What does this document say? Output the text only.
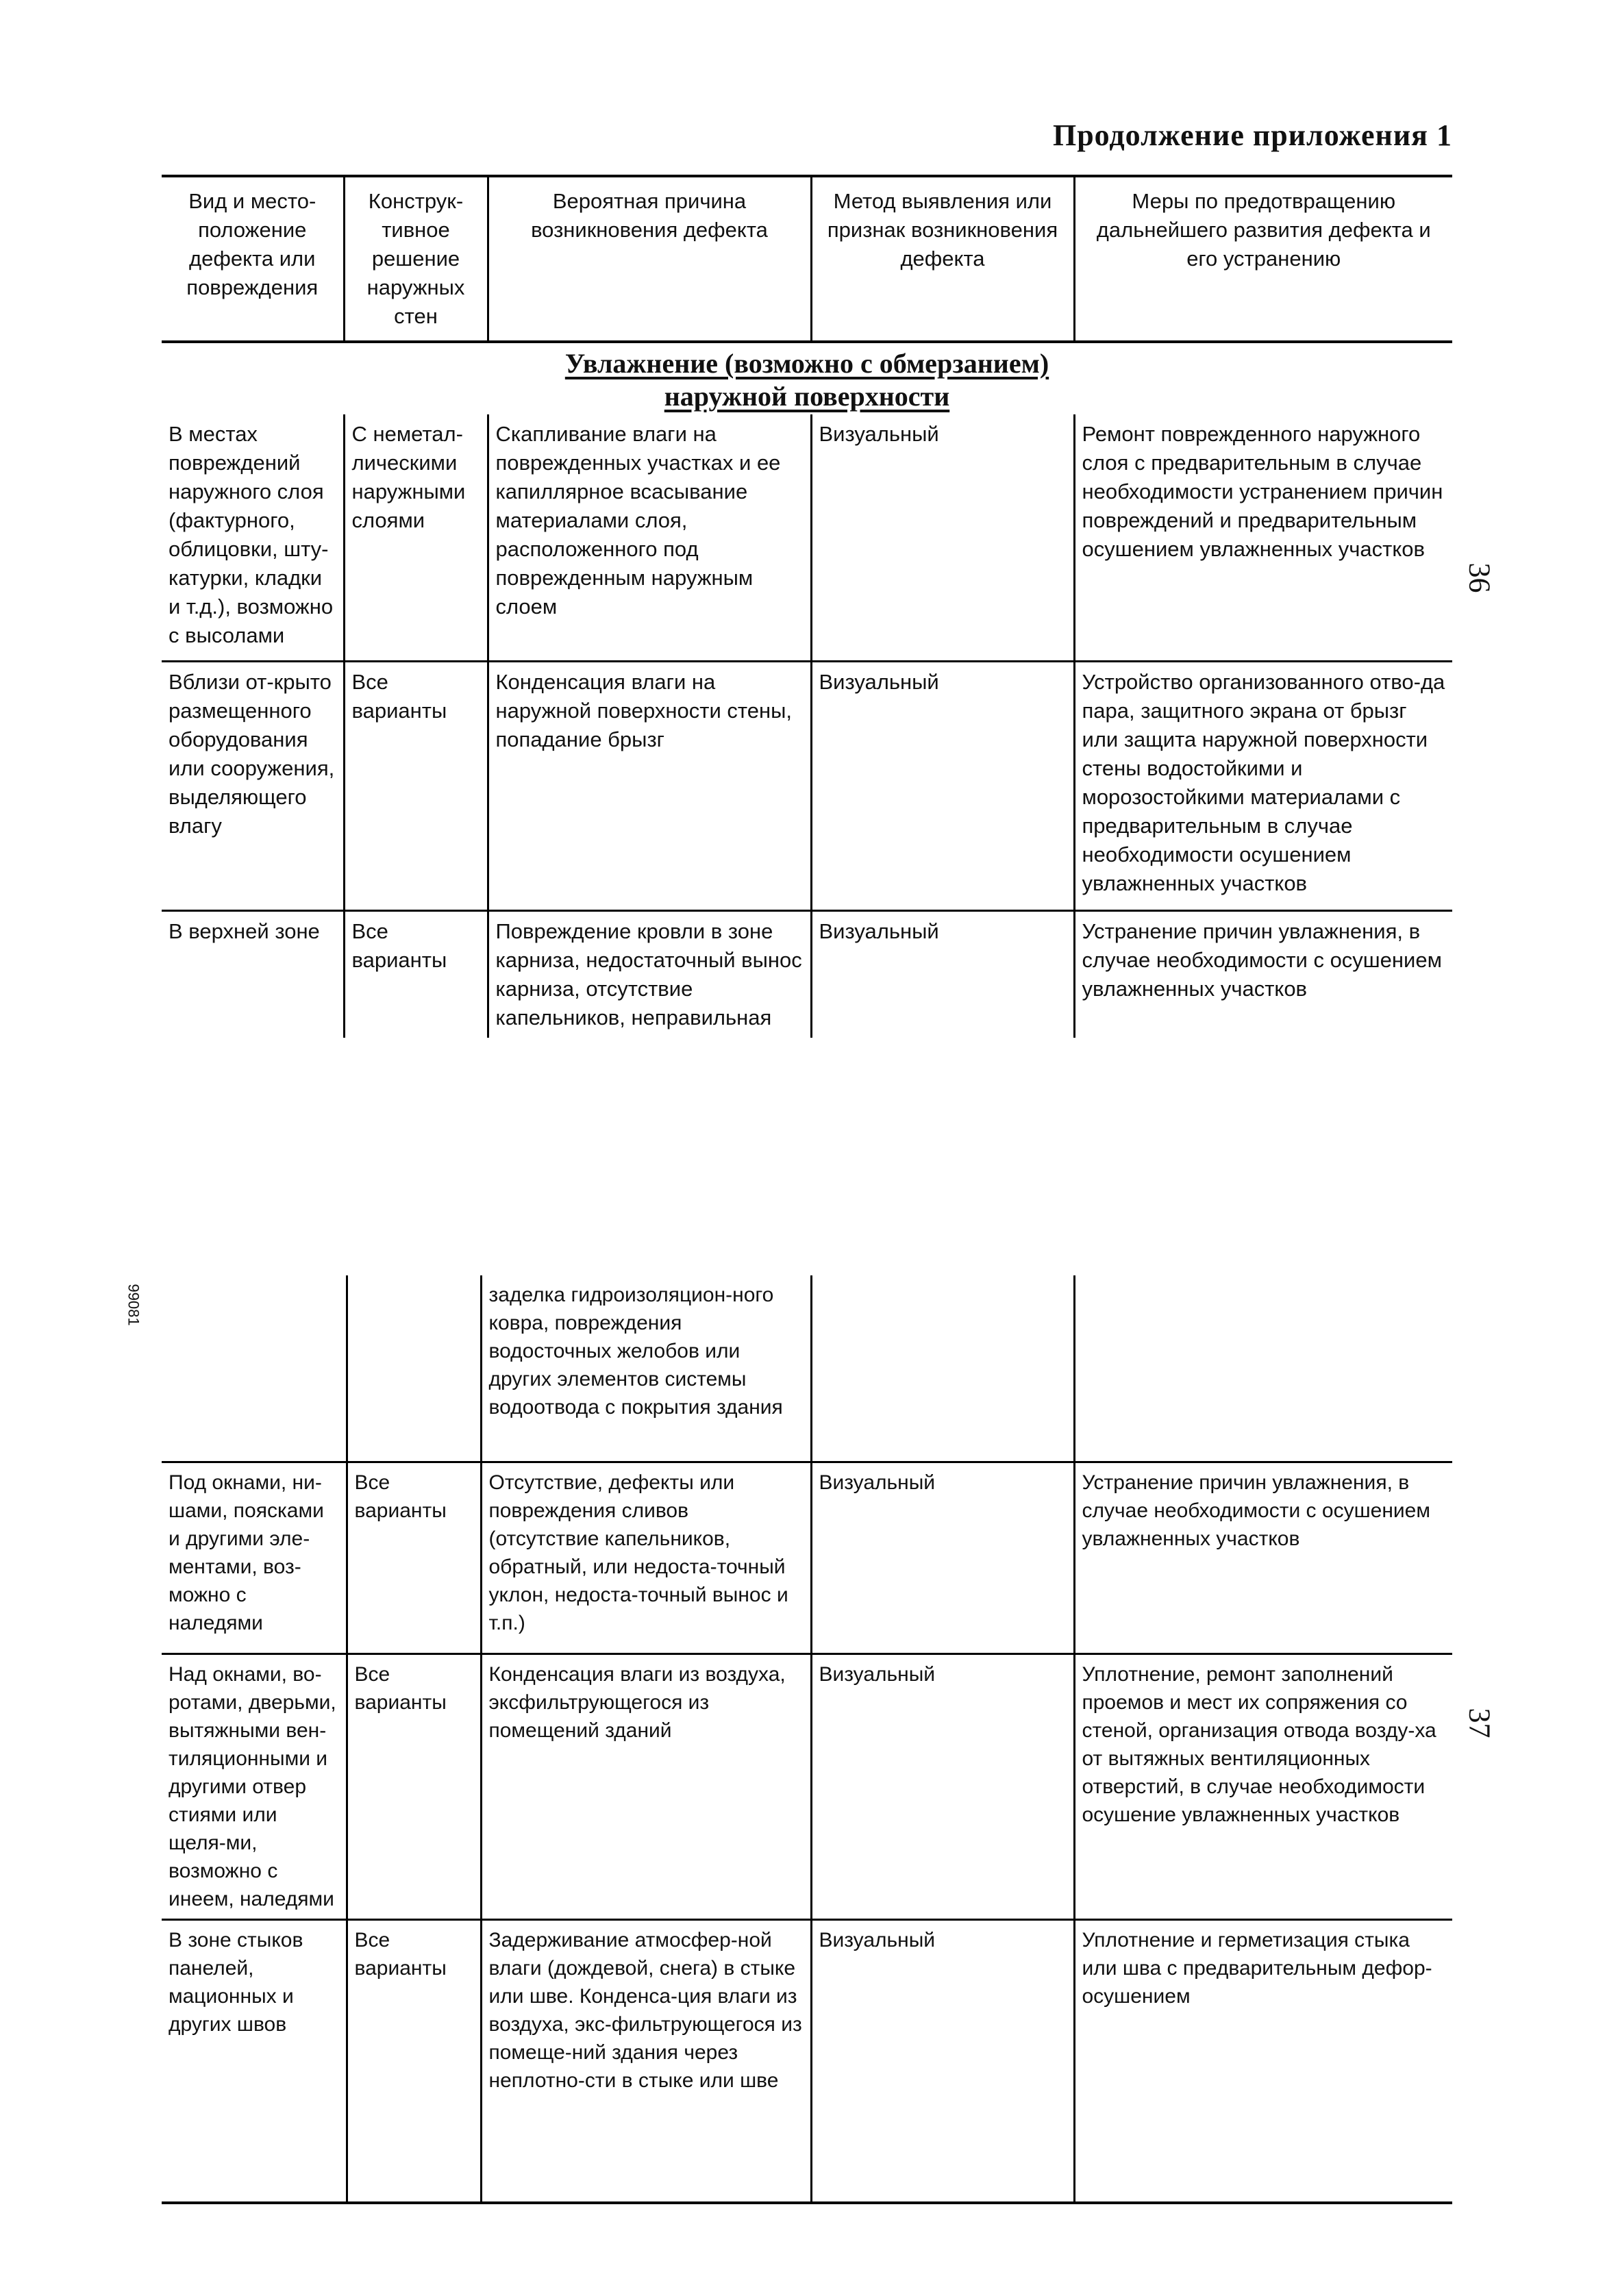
Продолжение приложения 1
36
37
99081
Вид и место-положение дефекта или повреждения	Конструк-тивное решение наружных стен	Вероятная причина возникновения дефекта	Метод выявления или признак возникновения дефекта	Меры по предотвращению дальнейшего развития дефекта и его устранению

Увлажнение (возможно с обмерзанием)
наружной поверхности				

В местах повреждений наружного слоя (фактурного, облицовки, шту-катурки, кладки и т.д.), возможно с высолами	С неметал-лическими наружными слоями	Скапливание влаги на поврежденных участках и ее капиллярное всасывание материалами слоя, расположенного под поврежденным наружным слоем	Визуальный	Ремонт поврежденного наружного слоя с предварительным в случае необходимости устранением причин повреждений и предварительным осушением увлажненных участков
Вблизи от-крыто размещенного оборудования или сооружения, выделяющего влагу	Все варианты	Конденсация влаги на наружной поверхности стены, попадание брызг	Визуальный	Устройство организованного отво-да пара, защитного экрана от брызг или защита наружной поверхности стены водостойкими и морозостойкими материалами с предварительным в случае необходимости осушением увлажненных участков
В верхней зоне	Все варианты	Повреждение кровли в зоне карниза, недостаточный вынос карниза, отсутствие капельников, неправильная	Визуальный	Устранение причин увлажнения, в случае необходимости с осушением увлажненных участков
		заделка гидроизоляцион-ного ковра, повреждения водосточных желобов или других элементов системы водоотвода с покрытия здания		
Под окнами, ни-шами, поясками и другими эле-ментами, воз-можно с наледями	Все варианты	Отсутствие, дефекты или повреждения сливов (отсутствие капельников, обратный, или недоста-точный уклон, недоста-точный вынос и т.п.)	Визуальный	Устранение причин увлажнения, в случае необходимости с осушением увлажненных участков
Над окнами, во-ротами, дверьми, вытяжными вен-тиляционными и другими отвер стиями или щеля-ми, возможно с инеем, наледями	Все варианты	Конденсация влаги из воздуха, эксфильтрующегося из помещений зданий	Визуальный	Уплотнение, ремонт заполнений проемов и мест их сопряжения со стеной, организация отвода возду-ха от вытяжных вентиляционных отверстий, в случае необходимости осушение увлажненных участков
В зоне стыков панелей, мационных и других швов	Все варианты	Задерживание атмосфер-ной влаги (дождевой, снега) в стыке или шве. Конденса-ция влаги из воздуха, экс-фильтрующегося из помеще-ний здания через неплотно-сти в стыке или шве	Визуальный	Уплотнение и герметизация стыка или шва с предварительным дефор-осушением
